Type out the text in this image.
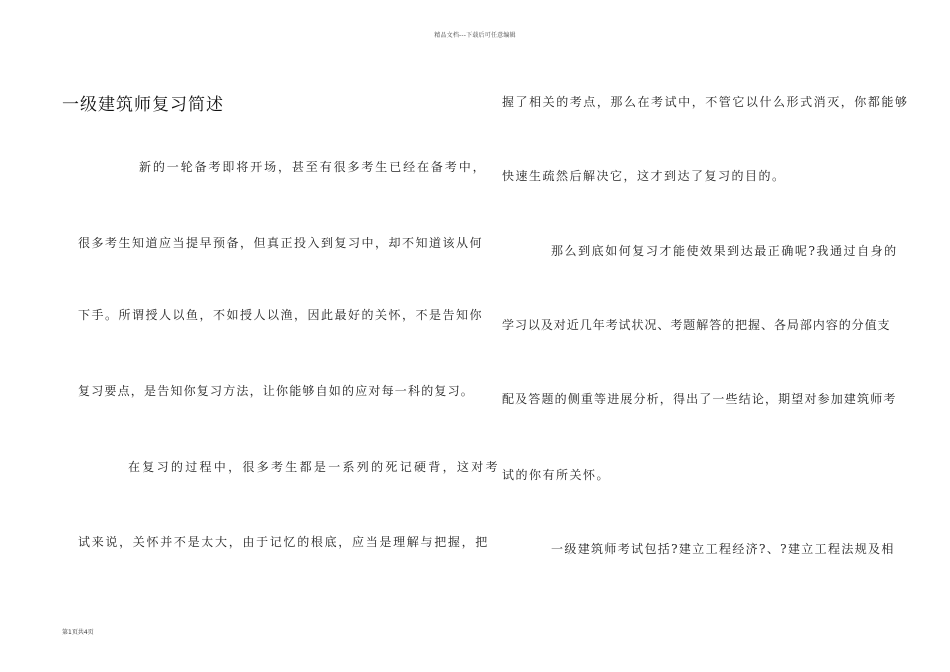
精品文档---下载后可任意编辑
一级建筑师复习简述
新的一轮备考即将开场，甚至有很多考生已经在备考中，
很多考生知道应当提早预备，但真正投入到复习中，却不知道该从何
下手。所谓授人以鱼，不如授人以渔，因此最好的关怀，不是告知你
复习要点，是告知你复习方法，让你能够自如的应对每一科的复习。
在复习的过程中，很多考生都是一系列的死记硬背，这对考
试来说，关怀并不是太大，由于记忆的根底，应当是理解与把握，把
握了相关的考点，那么在考试中，不管它以什么形式消灭，你都能够
快速生疏然后解决它，这才到达了复习的目的。
那么到底如何复习才能使效果到达最正确呢?我通过自身的
学习以及对近几年考试状况、考题解答的把握、各局部内容的分值支
配及答题的侧重等进展分析，得出了一些结论，期望对参加建筑师考
试的你有所关怀。
一级建筑师考试包括?建立工程经济?、?建立工程法规及相
第1页共4页
